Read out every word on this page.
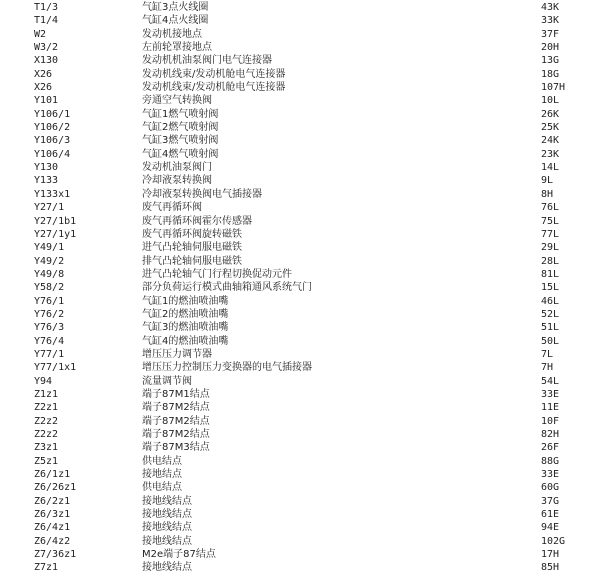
T1/3	气缸3点火线圈	43K
T1/4	气缸4点火线圈	33K
W2	发动机接地点	37F
W3/2	左前轮罩接地点	20H
X130	发动机机油泵阀门电气连接器	13G
X26	发动机线束/发动机舱电气连接器	18G
X26	发动机线束/发动机舱电气连接器	107H
Y101	旁通空气转换阀	10L
Y106/1	气缸1燃气喷射阀	26K
Y106/2	气缸2燃气喷射阀	25K
Y106/3	气缸3燃气喷射阀	24K
Y106/4	气缸4燃气喷射阀	23K
Y130	发动机油泵阀门	14L
Y133	冷却液泵转换阀	9L
Y133x1	冷却液泵转换阀电气插接器	8H
Y27/1	废气再循环阀	76L
Y27/1b1	废气再循环阀霍尔传感器	75L
Y27/1y1	废气再循环阀旋转磁铁	77L
Y49/1	进气凸轮轴伺服电磁铁	29L
Y49/2	排气凸轮轴伺服电磁铁	28L
Y49/8	进气凸轮轴气门行程切换促动元件	81L
Y58/2	部分负荷运行模式曲轴箱通风系统气门	15L
Y76/1	气缸1的燃油喷油嘴	46L
Y76/2	气缸2的燃油喷油嘴	52L
Y76/3	气缸3的燃油喷油嘴	51L
Y76/4	气缸4的燃油喷油嘴	50L
Y77/1	增压压力调节器	7L
Y77/1x1	增压压力控制压力变换器的电气插接器	7H
Y94	流量调节阀	54L
Z1z1	端子87M1结点	33E
Z2z1	端子87M2结点	11E
Z2z2	端子87M2结点	10F
Z2z2	端子87M2结点	82H
Z3z1	端子87M3结点	26F
Z5z1	供电结点	88G
Z6/1z1	接地结点	33E
Z6/26z1	供电结点	60G
Z6/2z1	接地线结点	37G
Z6/3z1	接地线结点	61E
Z6/4z1	接地线结点	94E
Z6/4z2	接地线结点	102G
Z7/36z1	M2e端子87结点	17H
Z7z1	接地线结点	85H
